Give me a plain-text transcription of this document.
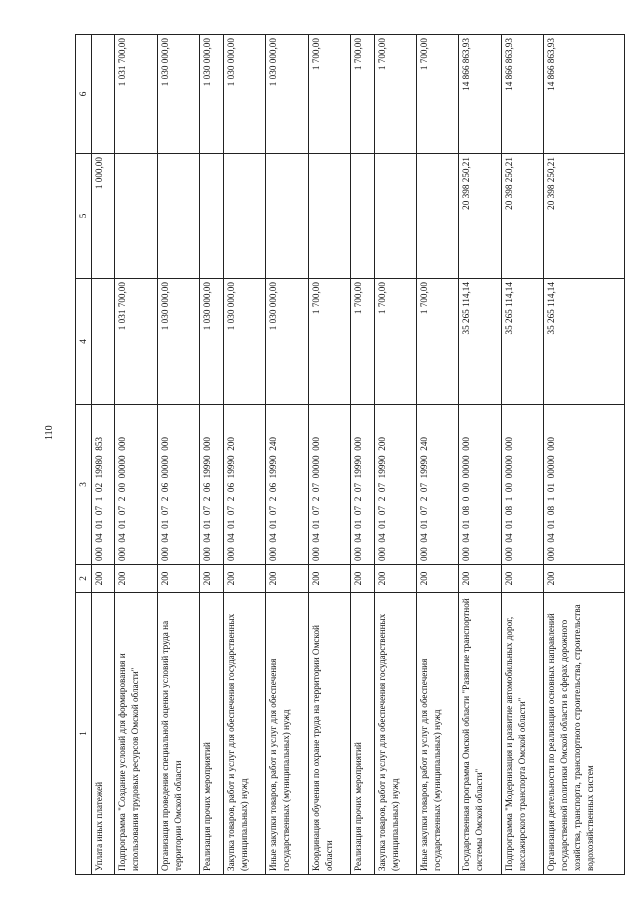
110
1	2	3	4	5	6
Уплата иных платежей	200	000  04  01  07  1  02  19980  853		1 000,00	
Подпрограмма "Создание условий для формирования и использования трудовых ресурсов Омской области"	200	000  04  01  07  2  00  00000  000	1 031 700,00		1 031 700,00
Организация проведения специальной оценки условий труда на территории Омской области	200	000  04  01  07  2  06  00000  000	1 030 000,00		1 030 000,00
Реализация прочих мероприятий	200	000  04  01  07  2  06  19990  000	1 030 000,00		1 030 000,00
Закупка товаров, работ и услуг для обеспечения государственных (муниципальных) нужд	200	000  04  01  07  2  06  19990  200	1 030 000,00		1 030 000,00
Иные закупки товаров, работ и услуг для обеспечения государственных (муниципальных) нужд	200	000  04  01  07  2  06  19990  240	1 030 000,00		1 030 000,00
Координация обучения по охране труда на территории Омской области	200	000  04  01  07  2  07  00000  000	1 700,00		1 700,00
Реализация прочих мероприятий	200	000  04  01  07  2  07  19990  000	1 700,00		1 700,00
Закупка товаров, работ и услуг для обеспечения государственных (муниципальных) нужд	200	000  04  01  07  2  07  19990  200	1 700,00		1 700,00
Иные закупки товаров, работ и услуг для обеспечения государственных (муниципальных) нужд	200	000  04  01  07  2  07  19990  240	1 700,00		1 700,00
Государственная программа Омской области "Развитие транспортной системы Омской области"	200	000  04  01  08  0  00  00000  000	35 265 114,14	20 398 250,21	14 866 863,93
Подпрограмма "Модернизация и развитие автомобильных дорог, пассажирского транспорта Омской области"	200	000  04  01  08  1  00  00000  000	35 265 114,14	20 398 250,21	14 866 863,93
Организация деятельности по реализации основных направлений государственной политики Омской области в сферах дорожного хозяйства, транспорта, транспортного строительства, строительства водохозяйственных систем	200	000  04  01  08  1  01  00000  000	35 265 114,14	20 398 250,21	14 866 863,93
